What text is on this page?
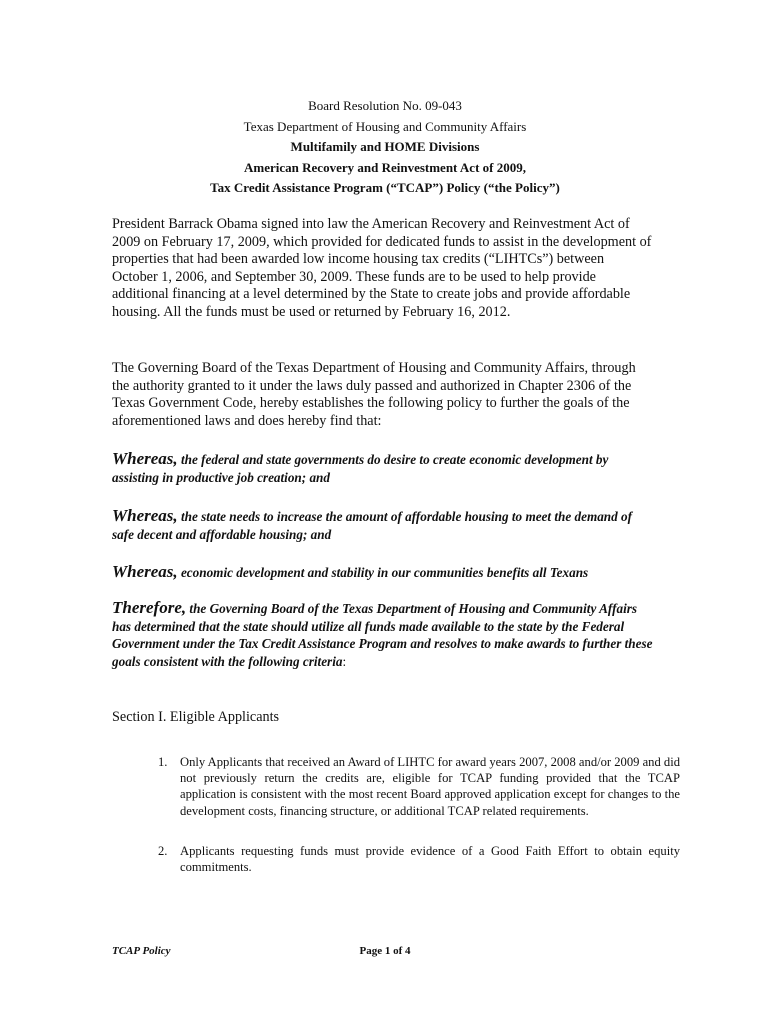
Board Resolution No. 09-043
Texas Department of Housing and Community Affairs
Multifamily and HOME Divisions
American Recovery and Reinvestment Act of 2009,
Tax Credit Assistance Program (“TCAP”) Policy (“the Policy”)

President Barrack Obama signed into law the American Recovery and Reinvestment Act of 2009 on February 17, 2009, which provided for dedicated funds to assist in the development of properties that had been awarded low income housing tax credits (“LIHTCs”) between October 1, 2006, and September 30, 2009. These funds are to be used to help provide additional financing at a level determined by the State to create jobs and provide affordable housing. All the funds must be used or returned by February 16, 2012.

The Governing Board of the Texas Department of Housing and Community Affairs, through the authority granted to it under the laws duly passed and authorized in Chapter 2306 of the Texas Government Code, hereby establishes the following policy to further the goals of the aforementioned laws and does hereby find that:

Whereas, the federal and state governments do desire to create economic development by assisting in productive job creation; and

Whereas, the state needs to increase the amount of affordable housing to meet the demand of safe decent and affordable housing; and

Whereas, economic development and stability in our communities benefits all Texans

Therefore, the Governing Board of the Texas Department of Housing and Community Affairs has determined that the state should utilize all funds made available to the state by the Federal Government under the Tax Credit Assistance Program and resolves to make awards to further these goals consistent with the following criteria:

Section I. Eligible Applicants

1. Only Applicants that received an Award of LIHTC for award years 2007, 2008 and/or 2009 and did not previously return the credits are, eligible for TCAP funding provided that the TCAP application is consistent with the most recent Board approved application except for changes to the development costs, financing structure, or additional TCAP related requirements.
2. Applicants requesting funds must provide evidence of a Good Faith Effort to obtain equity commitments.
TCAP Policy	Page 1 of 4
